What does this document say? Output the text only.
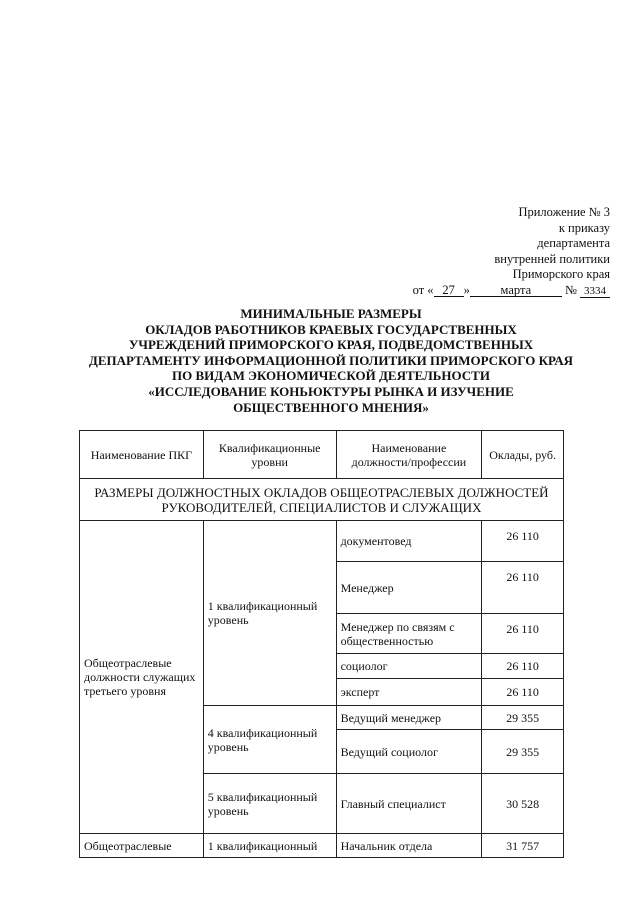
Приложение № 3
к приказу
департамента
внутренней политики
Приморского края
от « 27 » марта	№ 3334
МИНИМАЛЬНЫЕ РАЗМЕРЫ
ОКЛАДОВ РАБОТНИКОВ КРАЕВЫХ ГОСУДАРСТВЕННЫХ
УЧРЕЖДЕНИЙ ПРИМОРСКОГО КРАЯ, ПОДВЕДОМСТВЕННЫХ
ДЕПАРТАМЕНТУ ИНФОРМАЦИОННОЙ ПОЛИТИКИ ПРИМОРСКОГО КРАЯ
ПО ВИДАМ ЭКОНОМИЧЕСКОЙ ДЕЯТЕЛЬНОСТИ
«ИССЛЕДОВАНИЕ КОНЬЮКТУРЫ РЫНКА И ИЗУЧЕНИЕ
ОБЩЕСТВЕННОГО МНЕНИЯ»
Наименование ПКГ	Квалификационные уровни	Наименование должности/профессии	Оклады, руб.
РАЗМЕРЫ ДОЛЖНОСТНЫХ ОКЛАДОВ ОБЩЕОТРАСЛЕВЫХ ДОЛЖНОСТЕЙ РУКОВОДИТЕЛЕЙ, СПЕЦИАЛИСТОВ И СЛУЖАЩИХ			
Общеотраслевые должности служащих третьего уровня	1 квалификационный уровень	документовед	26 110
		Менеджер	26 110
		Менеджер по связям с общественностью	26 110
		социолог	26 110
		эксперт	26 110
	4 квалификационный уровень	Ведущий менеджер	29 355
		Ведущий социолог	29 355
	5 квалификационный уровень	Главный специалист	30 528
Общеотраслевые	1 квалификационный	Начальник отдела	31 757
